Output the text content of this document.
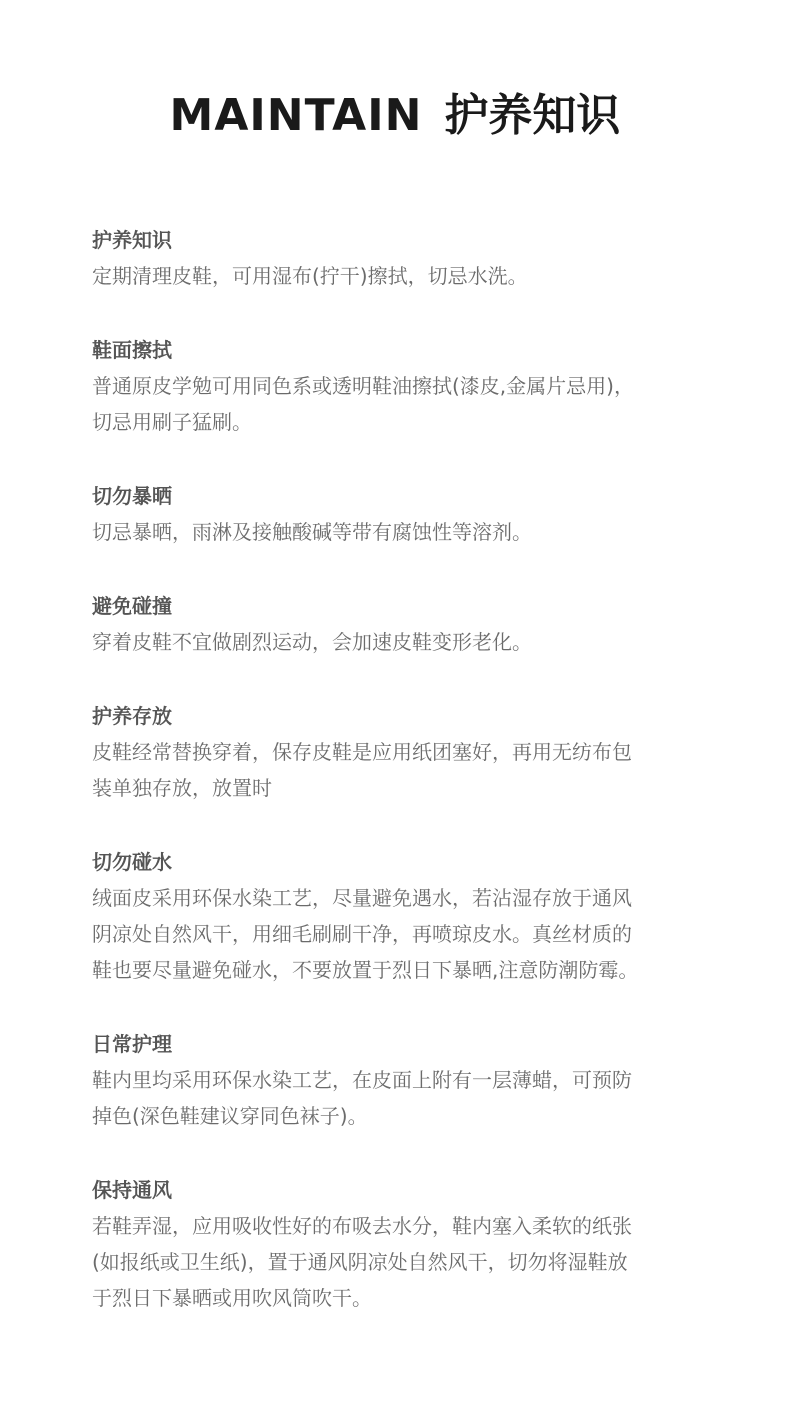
MAINTAIN 护养知识
护养知识
定期清理皮鞋，可用湿布(拧干)擦拭，切忌水洗。
鞋面擦拭
普通原皮学勉可用同色系或透明鞋油擦拭(漆皮,金属片忌用)，
切忌用刷子猛刷。
切勿暴晒
切忌暴晒，雨淋及接触酸碱等带有腐蚀性等溶剂。
避免碰撞
穿着皮鞋不宜做剧烈运动，会加速皮鞋变形老化。
护养存放
皮鞋经常替换穿着，保存皮鞋是应用纸团塞好，再用无纺布包
装单独存放，放置时
切勿碰水
绒面皮采用环保水染工艺，尽量避免遇水，若沾湿存放于通风
阴凉处自然风干，用细毛刷刷干净，再喷琼皮水。真丝材质的
鞋也要尽量避免碰水，不要放置于烈日下暴晒,注意防潮防霉。
日常护理
鞋内里均采用环保水染工艺，在皮面上附有一层薄蜡，可预防
掉色(深色鞋建议穿同色袜子)。
保持通风
若鞋弄湿，应用吸收性好的布吸去水分，鞋内塞入柔软的纸张
(如报纸或卫生纸)，置于通风阴凉处自然风干，切勿将湿鞋放
于烈日下暴晒或用吹风筒吹干。
